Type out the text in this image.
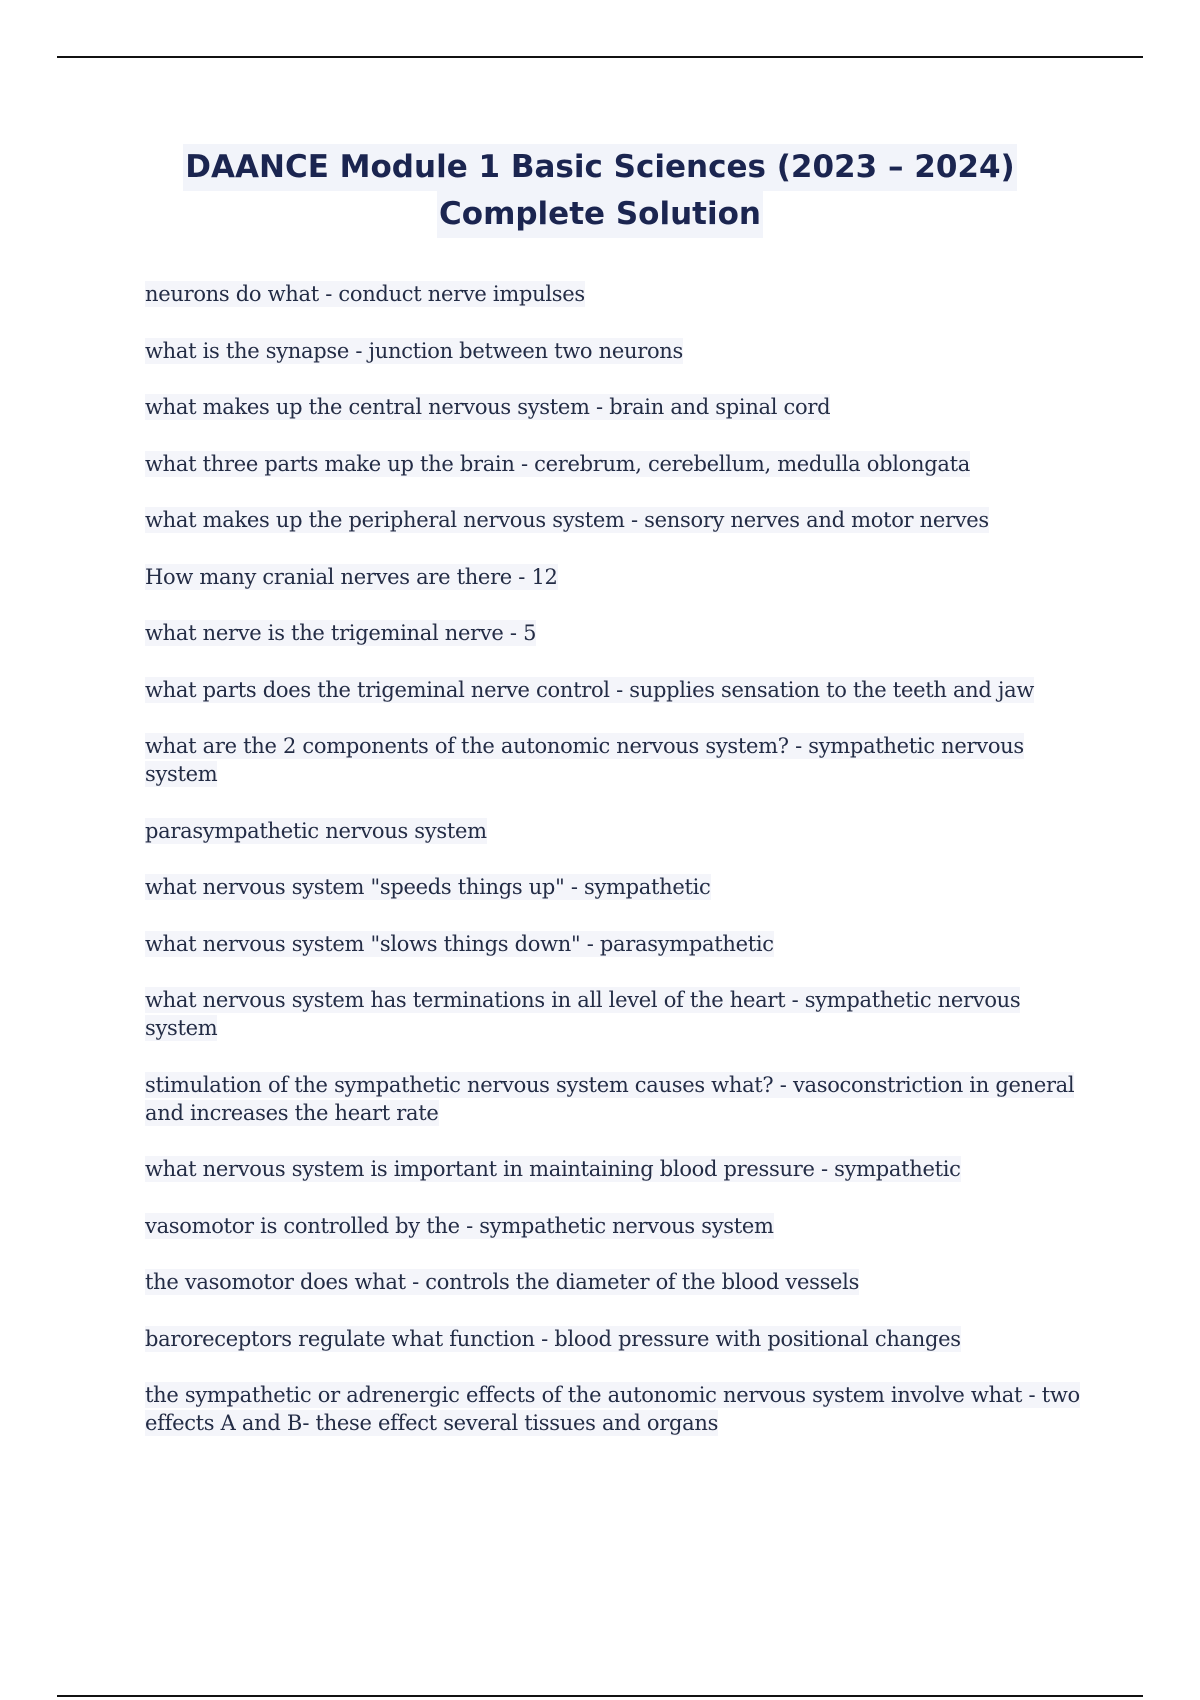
DAANCE Module 1 Basic Sciences (2023 – 2024)
Complete Solution
neurons do what - conduct nerve impulses
what is the synapse - junction between two neurons
what makes up the central nervous system - brain and spinal cord
what three parts make up the brain - cerebrum, cerebellum, medulla oblongata
what makes up the peripheral nervous system - sensory nerves and motor nerves
How many cranial nerves are there - 12
what nerve is the trigeminal nerve - 5
what parts does the trigeminal nerve control - supplies sensation to the teeth and jaw
what are the 2 components of the autonomic nervous system? - sympathetic nervous system
parasympathetic nervous system
what nervous system "speeds things up" - sympathetic
what nervous system "slows things down" - parasympathetic
what nervous system has terminations in all level of the heart - sympathetic nervous system
stimulation of the sympathetic nervous system causes what? - vasoconstriction in general and increases the heart rate
what nervous system is important in maintaining blood pressure - sympathetic
vasomotor is controlled by the - sympathetic nervous system
the vasomotor does what - controls the diameter of the blood vessels
baroreceptors regulate what function - blood pressure with positional changes
the sympathetic or adrenergic effects of the autonomic nervous system involve what - two effects A and B- these effect several tissues and organs
